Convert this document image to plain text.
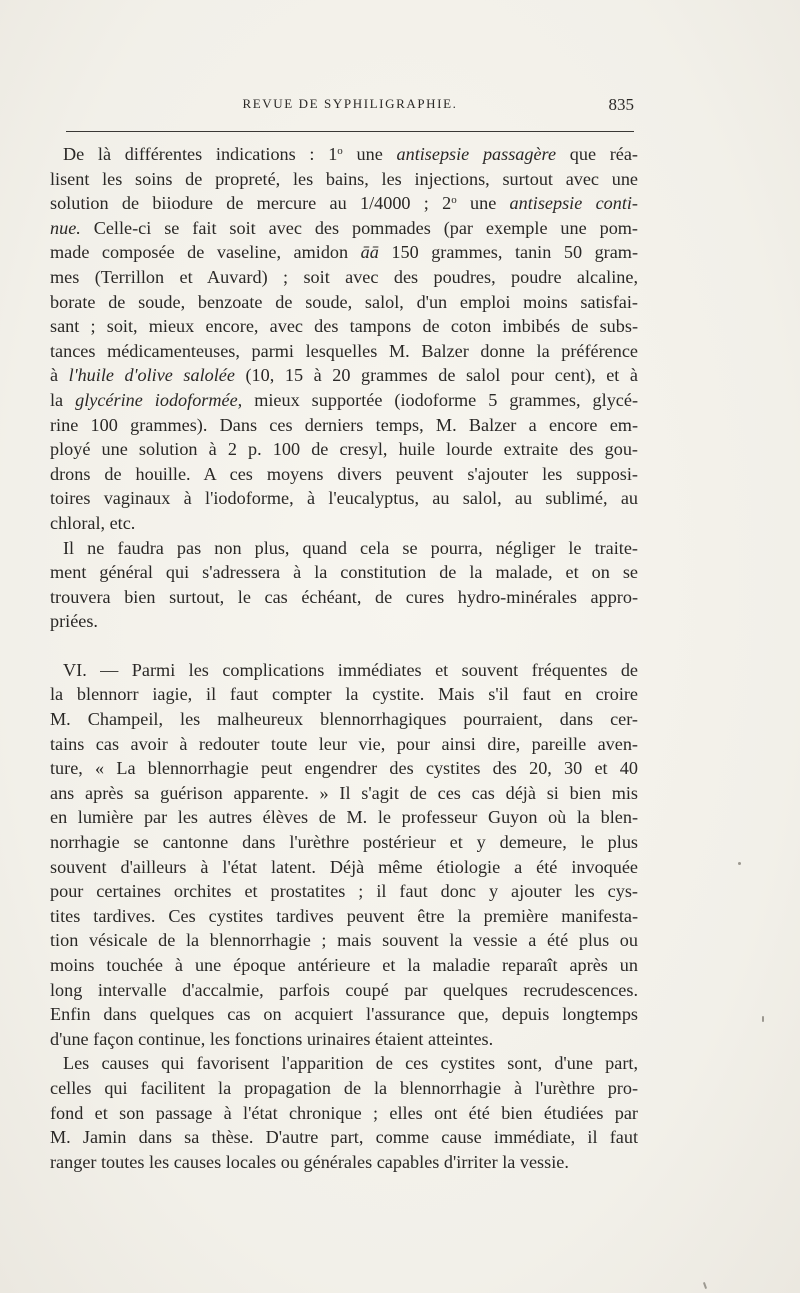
REVUE DE SYPHILIGRAPHIE.	835
De là différentes indications : 1$^o$ une antisepsie passagère que réa-
lisent les soins de propreté, les bains, les injections, surtout avec une
solution de biiodure de mercure au 1/4000 ; 2$^o$ une antisepsie conti-
nue. Celle-ci se fait soit avec des pommades (par exemple une pom-
made composée de vaseline, amidon āā 150 grammes, tanin 50 gram-
mes (Terrillon et Auvard) ; soit avec des poudres, poudre alcaline,
borate de soude, benzoate de soude, salol, d'un emploi moins satisfai-
sant ; soit, mieux encore, avec des tampons de coton imbibés de subs-
tances médicamenteuses, parmi lesquelles M. Balzer donne la préférence
à l'huile d'olive salolée (10, 15 à 20 grammes de salol pour cent), et à
la glycérine iodoformée, mieux supportée (iodoforme 5 grammes, glycé-
rine 100 grammes). Dans ces derniers temps, M. Balzer a encore em-
ployé une solution à 2 p. 100 de cresyl, huile lourde extraite des gou-
drons de houille. A ces moyens divers peuvent s'ajouter les supposi-
toires vaginaux à l'iodoforme, à l'eucalyptus, au salol, au sublimé, au
chloral, etc.
Il ne faudra pas non plus, quand cela se pourra, négliger le traite-
ment général qui s'adressera à la constitution de la malade, et on se
trouvera bien surtout, le cas échéant, de cures hydro-minérales appro-
priées.
VI. — Parmi les complications immédiates et souvent fréquentes de
la blennorr iagie, il faut compter la cystite. Mais s'il faut en croire
M. Champeil, les malheureux blennorrhagiques pourraient, dans cer-
tains cas avoir à redouter toute leur vie, pour ainsi dire, pareille aven-
ture, « La blennorrhagie peut engendrer des cystites des 20, 30 et 40
ans après sa guérison apparente. » Il s'agit de ces cas déjà si bien mis
en lumière par les autres élèves de M. le professeur Guyon où la blen-
norrhagie se cantonne dans l'urèthre postérieur et y demeure, le plus
souvent d'ailleurs à l'état latent. Déjà même étiologie a été invoquée
pour certaines orchites et prostatites ; il faut donc y ajouter les cys-
tites tardives. Ces cystites tardives peuvent être la première manifesta-
tion vésicale de la blennorrhagie ; mais souvent la vessie a été plus ou
moins touchée à une époque antérieure et la maladie reparaît après un
long intervalle d'accalmie, parfois coupé par quelques recrudescences.
Enfin dans quelques cas on acquiert l'assurance que, depuis longtemps
d'une façon continue, les fonctions urinaires étaient atteintes.
Les causes qui favorisent l'apparition de ces cystites sont, d'une part,
celles qui facilitent la propagation de la blennorrhagie à l'urèthre pro-
fond et son passage à l'état chronique ; elles ont été bien étudiées par
M. Jamin dans sa thèse. D'autre part, comme cause immédiate, il faut
ranger toutes les causes locales ou générales capables d'irriter la vessie.
